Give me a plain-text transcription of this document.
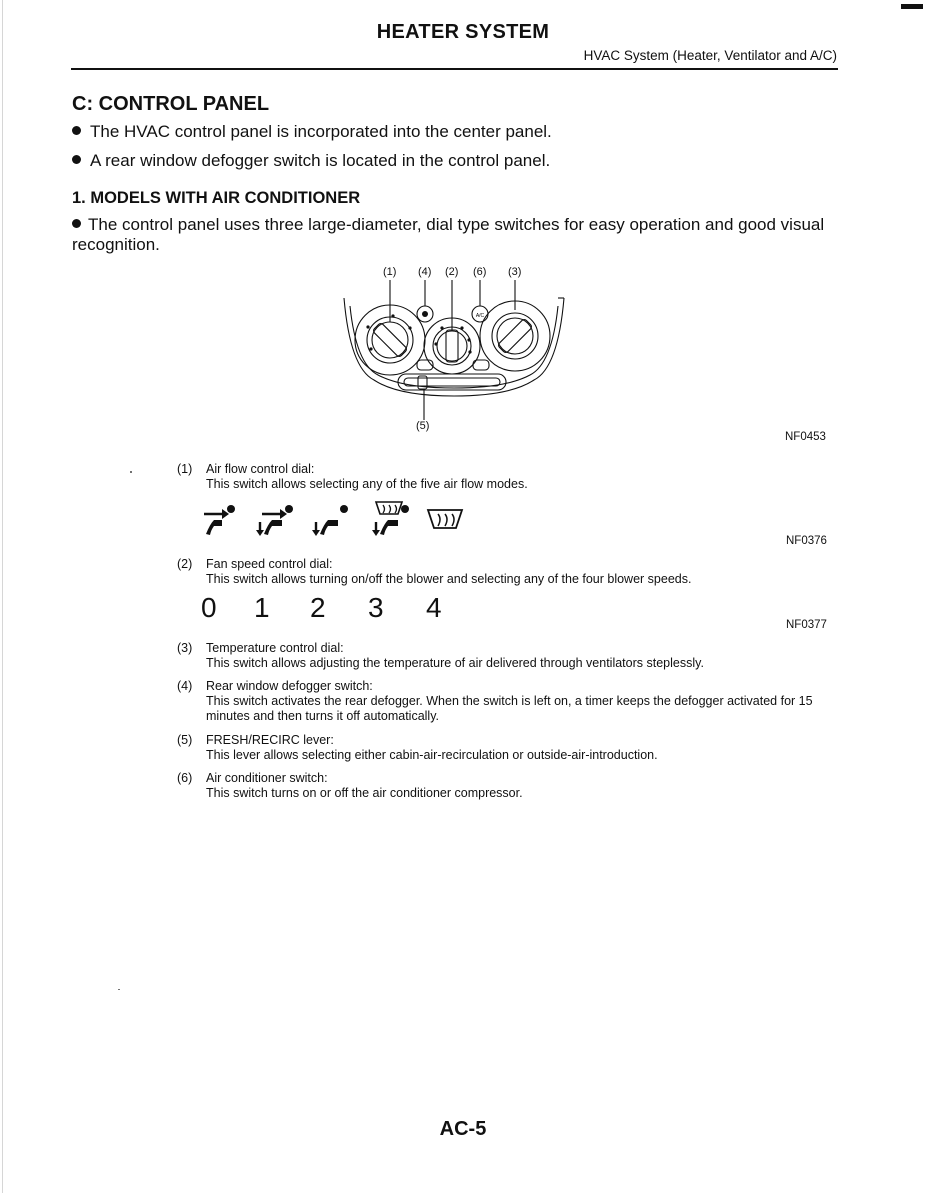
HEATER SYSTEM
HVAC System (Heater, Ventilator and A/C)
C: CONTROL PANEL
The HVAC control panel is incorporated into the center panel.
A rear window defogger switch is located in the control panel.
1. MODELS WITH AIR CONDITIONER
The control panel uses three large-diameter, dial type switches for easy operation and good visual recognition.
(1) (4) (2) (6) (3)
A/C
(5)
NF0453
(1) Air flow control dial:
This switch allows selecting any of the five air flow modes.
NF0376
(2) Fan speed control dial:
This switch allows turning on/off the blower and selecting any of the four blower speeds.
0 1 2 3 4
NF0377
(3) Temperature control dial:
This switch allows adjusting the temperature of air delivered through ventilators steplessly.
(4) Rear window defogger switch:
This switch activates the rear defogger. When the switch is left on, a timer keeps the defogger activated for 15 minutes and then turns it off automatically.
(5) FRESH/RECIRC lever:
This lever allows selecting either cabin-air-recirculation or outside-air-introduction.
(6) Air conditioner switch:
This switch turns on or off the air conditioner compressor.
AC-5
